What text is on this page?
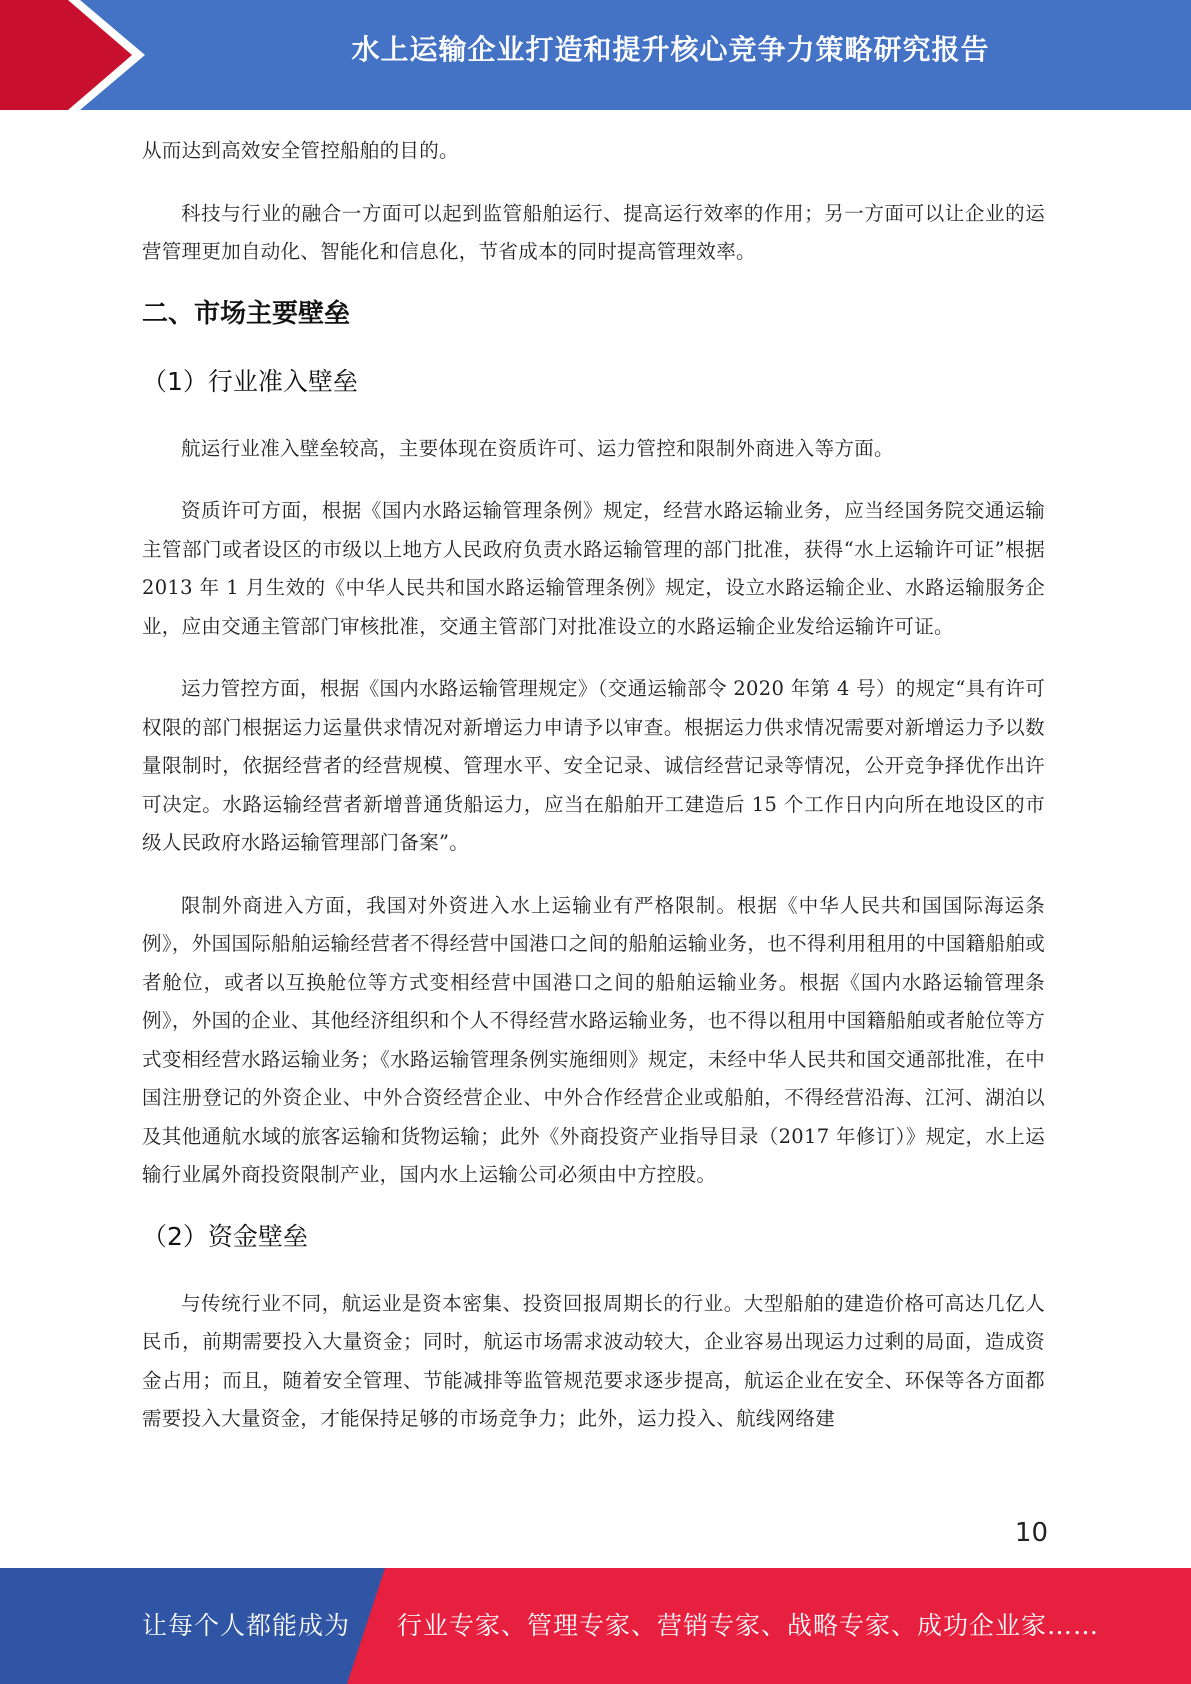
水上运输企业打造和提升核心竞争力策略研究报告

从而达到高效安全管控船舶的目的。

科技与行业的融合一方面可以起到监管船舶运行、提高运行效率的作用；另一方面可以让企业的运营管理更加自动化、智能化和信息化，节省成本的同时提高管理效率。

二、市场主要壁垒
（1）行业准入壁垒

航运行业准入壁垒较高，主要体现在资质许可、运力管控和限制外商进入等方面。

资质许可方面，根据《国内水路运输管理条例》规定，经营水路运输业务，应当经国务院交通运输主管部门或者设区的市级以上地方人民政府负责水路运输管理的部门批准，获得“水上运输许可证”根据 2013 年 1 月生效的《中华人民共和国水路运输管理条例》规定，设立水路运输企业、水路运输服务企业，应由交通主管部门审核批准，交通主管部门对批准设立的水路运输企业发给运输许可证。

运力管控方面，根据《国内水路运输管理规定》（交通运输部令 2020 年第 4 号）的规定“具有许可权限的部门根据运力运量供求情况对新增运力申请予以审查。根据运力供求情况需要对新增运力予以数量限制时，依据经营者的经营规模、管理水平、安全记录、诚信经营记录等情况，公开竞争择优作出许可决定。水路运输经营者新增普通货船运力，应当在船舶开工建造后 15 个工作日内向所在地设区的市级人民政府水路运输管理部门备案”。

限制外商进入方面，我国对外资进入水上运输业有严格限制。根据《中华人民共和国国际海运条例》，外国国际船舶运输经营者不得经营中国港口之间的船舶运输业务，也不得利用租用的中国籍船舶或者舱位，或者以互换舱位等方式变相经营中国港口之间的船舶运输业务。根据《国内水路运输管理条例》，外国的企业、其他经济组织和个人不得经营水路运输业务，也不得以租用中国籍船舶或者舱位等方式变相经营水路运输业务；《水路运输管理条例实施细则》规定，未经中华人民共和国交通部批准，在中国注册登记的外资企业、中外合资经营企业、中外合作经营企业或船舶，不得经营沿海、江河、湖泊以及其他通航水域的旅客运输和货物运输；此外《外商投资产业指导目录（2017 年修订）》规定，水上运输行业属外商投资限制产业，国内水上运输公司必须由中方控股。

（2）资金壁垒

与传统行业不同，航运业是资本密集、投资回报周期长的行业。大型船舶的建造价格可高达几亿人民币，前期需要投入大量资金；同时，航运市场需求波动较大，企业容易出现运力过剩的局面，造成资金占用；而且，随着安全管理、节能减排等监管规范要求逐步提高，航运企业在安全、环保等各方面都需要投入大量资金，才能保持足够的市场竞争力；此外，运力投入、航线网络建

10
让每个人都能成为 行业专家、管理专家、营销专家、战略专家、成功企业家……
